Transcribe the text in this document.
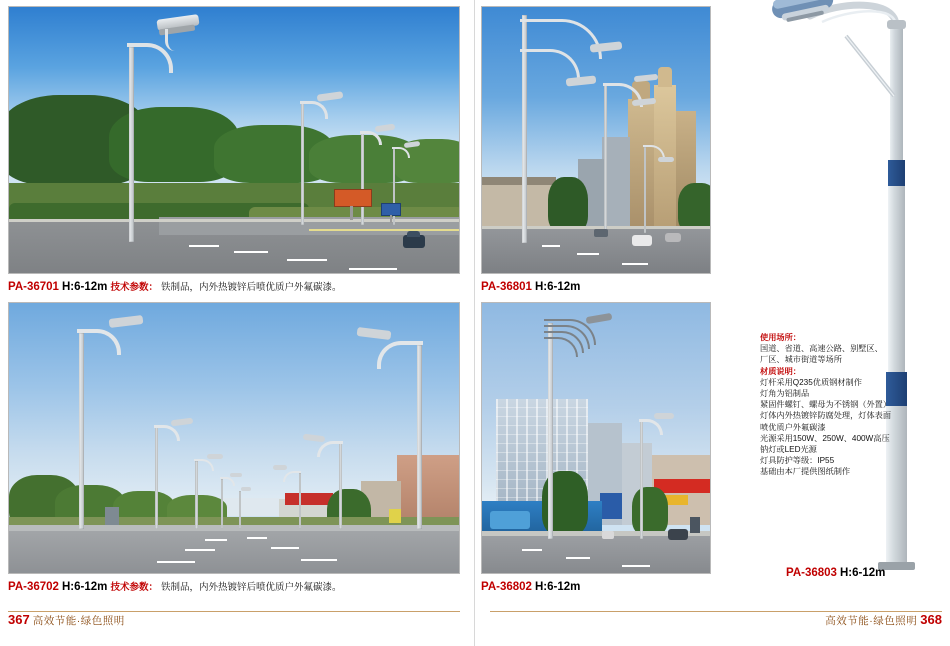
PA-36701 H:6-12m 技术参数： 铁制品，内外热镀锌后喷优质户外氟碳漆。	PA-36801 H:6-12m
PA-36702 H:6-12m 技术参数： 铁制品，内外热镀锌后喷优质户外氟碳漆。	PA-36802 H:6-12m
PA-36803 H:6-12m
使用场所：
国道、省道、高速公路、别墅区、
厂区、城市街道等场所
材质说明：
灯杆采用Q235优质钢材制作
灯角为铝制品
紧固件螺钉、螺母为不锈钢（外置）
灯体内外热镀锌防腐处理，灯体表面
喷优质户外氟碳漆
光源采用150W、250W、400W高压
钠灯或LED光源
灯具防护等级：IP55
基础由本厂提供图纸制作
367 高效节能·绿色照明	高效节能·绿色照明 368
